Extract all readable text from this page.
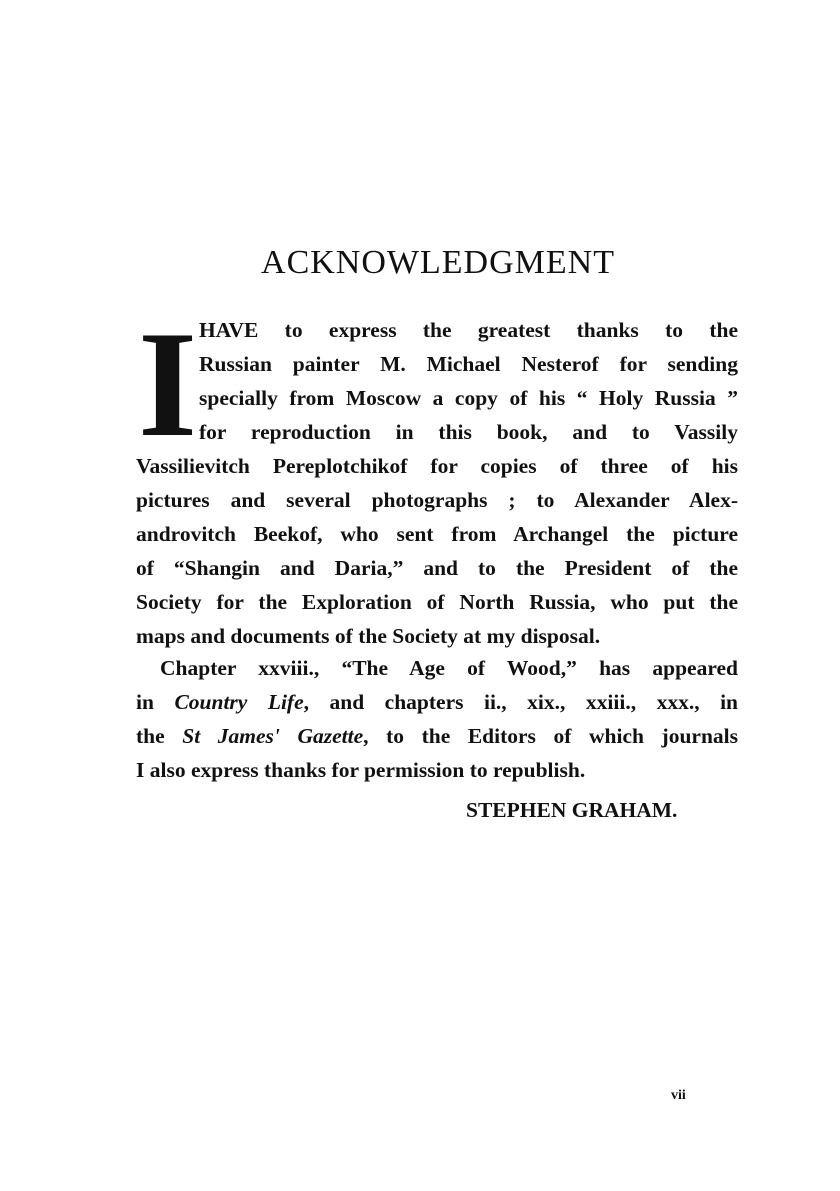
ACKNOWLEDGMENT
I HAVE to express the greatest thanks to the
Russian painter M. Michael Nesterof for sending
specially from Moscow a copy of his “ Holy Russia ”
for reproduction in this book, and to Vassily
Vassilievitch Pereplotchikof for copies of three of his
pictures and several photographs ; to Alexander Alex-
androvitch Beekof, who sent from Archangel the picture
of “Shangin and Daria,” and to the President of the
Society for the Exploration of North Russia, who put the
maps and documents of the Society at my disposal.
Chapter xxviii., “The Age of Wood,” has appeared
in Country Life, and chapters ii., xix., xxiii., xxx., in
the St James' Gazette, to the Editors of which journals
I also express thanks for permission to republish.
STEPHEN GRAHAM.
vii
